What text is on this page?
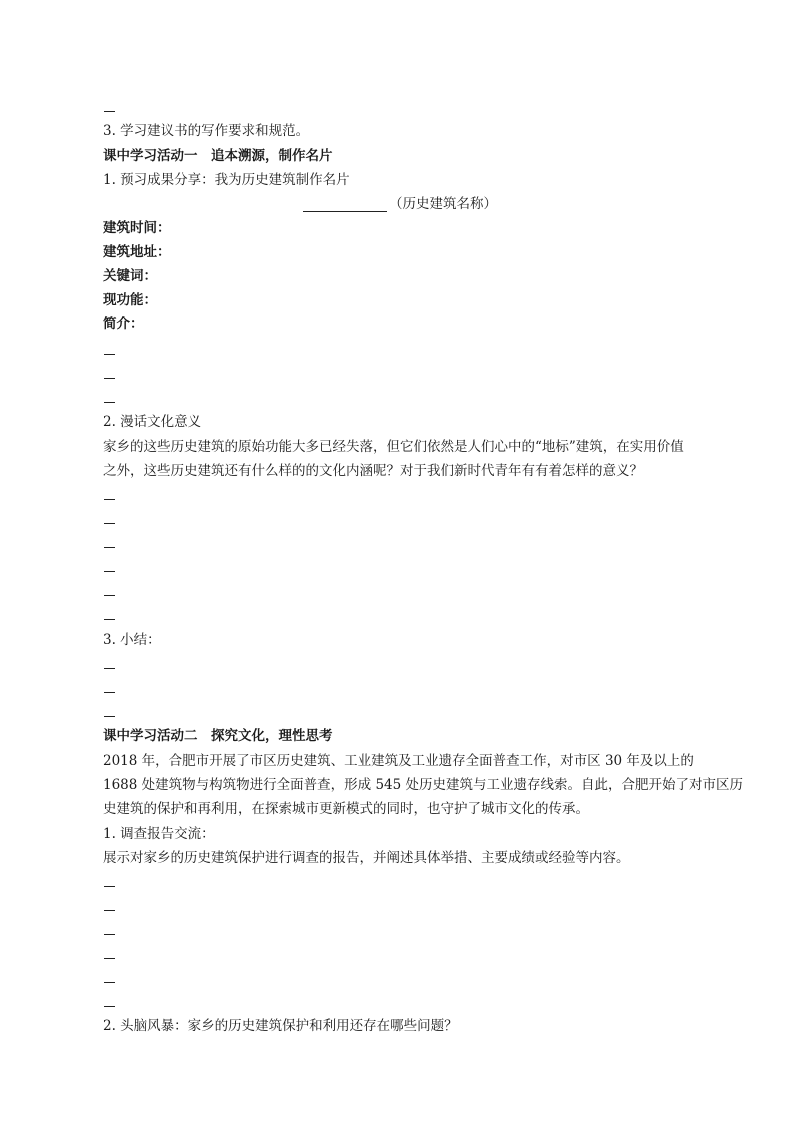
3. 学习建议书的写作要求和规范。
课中学习活动一　追本溯源，制作名片
1. 预习成果分享：我为历史建筑制作名片
（历史建筑名称）
建筑时间：
建筑地址：
关键词：
现功能：
简介：
2. 漫话文化意义
家乡的这些历史建筑的原始功能大多已经失落，但它们依然是人们心中的“地标”建筑，在实用价值
之外，这些历史建筑还有什么样的的文化内涵呢？对于我们新时代青年有有着怎样的意义？
3. 小结：
课中学习活动二　探究文化，理性思考
2018 年，合肥市开展了市区历史建筑、工业建筑及工业遗存全面普查工作，对市区 30 年及以上的
1688 处建筑物与构筑物进行全面普查，形成 545 处历史建筑与工业遗存线索。自此，合肥开始了对市区历
史建筑的保护和再利用，在探索城市更新模式的同时，也守护了城市文化的传承。
1. 调查报告交流：
展示对家乡的历史建筑保护进行调查的报告，并阐述具体举措、主要成绩或经验等内容。
2. 头脑风暴：家乡的历史建筑保护和利用还存在哪些问题？
